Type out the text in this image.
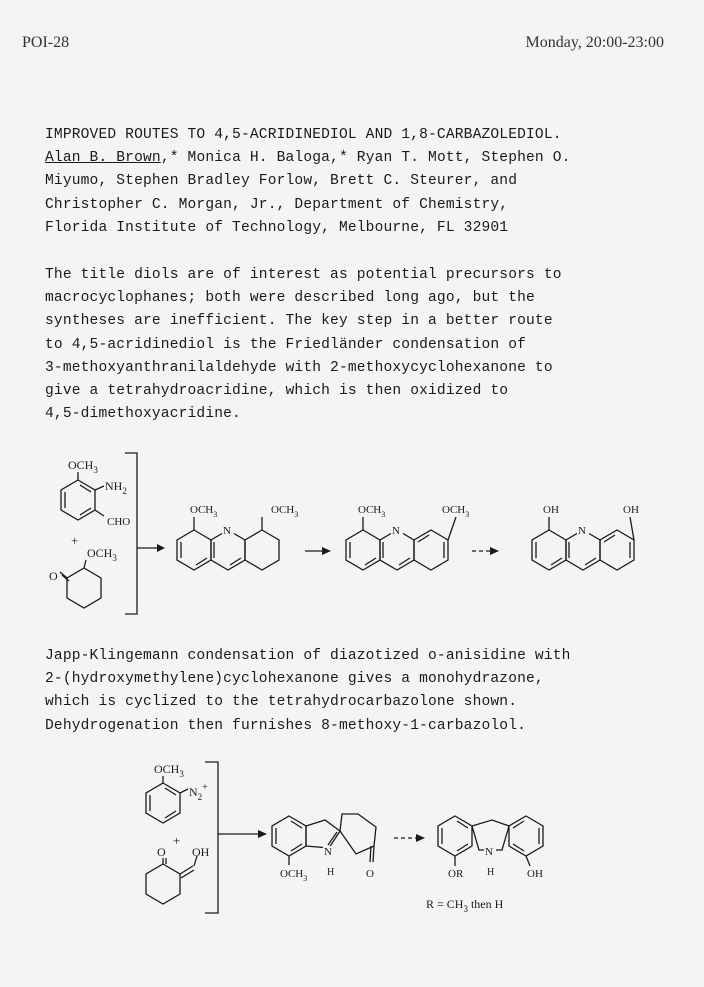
POI-28	Monday, 20:00-23:00
IMPROVED ROUTES TO 4,5-ACRIDINEDIOL AND 1,8-CARBAZOLEDIOL.
Alan B. Brown,* Monica H. Baloga,* Ryan T. Mott, Stephen O.
Miyumo, Stephen Bradley Forlow, Brett C. Steurer, and
Christopher C. Morgan, Jr., Department of Chemistry,
Florida Institute of Technology, Melbourne, FL 32901
The title diols are of interest as potential precursors to
macrocyclophanes; both were described long ago, but the
syntheses are inefficient. The key step in a better route
to 4,5-acridinediol is the Friedländer condensation of
3-methoxyanthranilaldehyde with 2-methoxycyclohexanone to
give a tetrahydroacridine, which is then oxidized to
4,5-dimethoxyacridine.
Japp-Klingemann condensation of diazotized o-anisidine with
2-(hydroxymethylene)cyclohexanone gives a monohydrazone,
which is cyclized to the tetrahydrocarbazolone shown.
Dehydrogenation then furnishes 8-methoxy-1-carbazolol.
$OCH_3$
$NH_2$
CHO
+
O
$OCH_3$
N
$OCH_3$	$OCH_3$
N
$OCH_3$	$OCH_3$
N
OH	OH
$OCH_3$
$N_2^+$
+
O OH	N
H
$OCH_3$	O
N
H
OR	OH
$R = CH_3$ then H
